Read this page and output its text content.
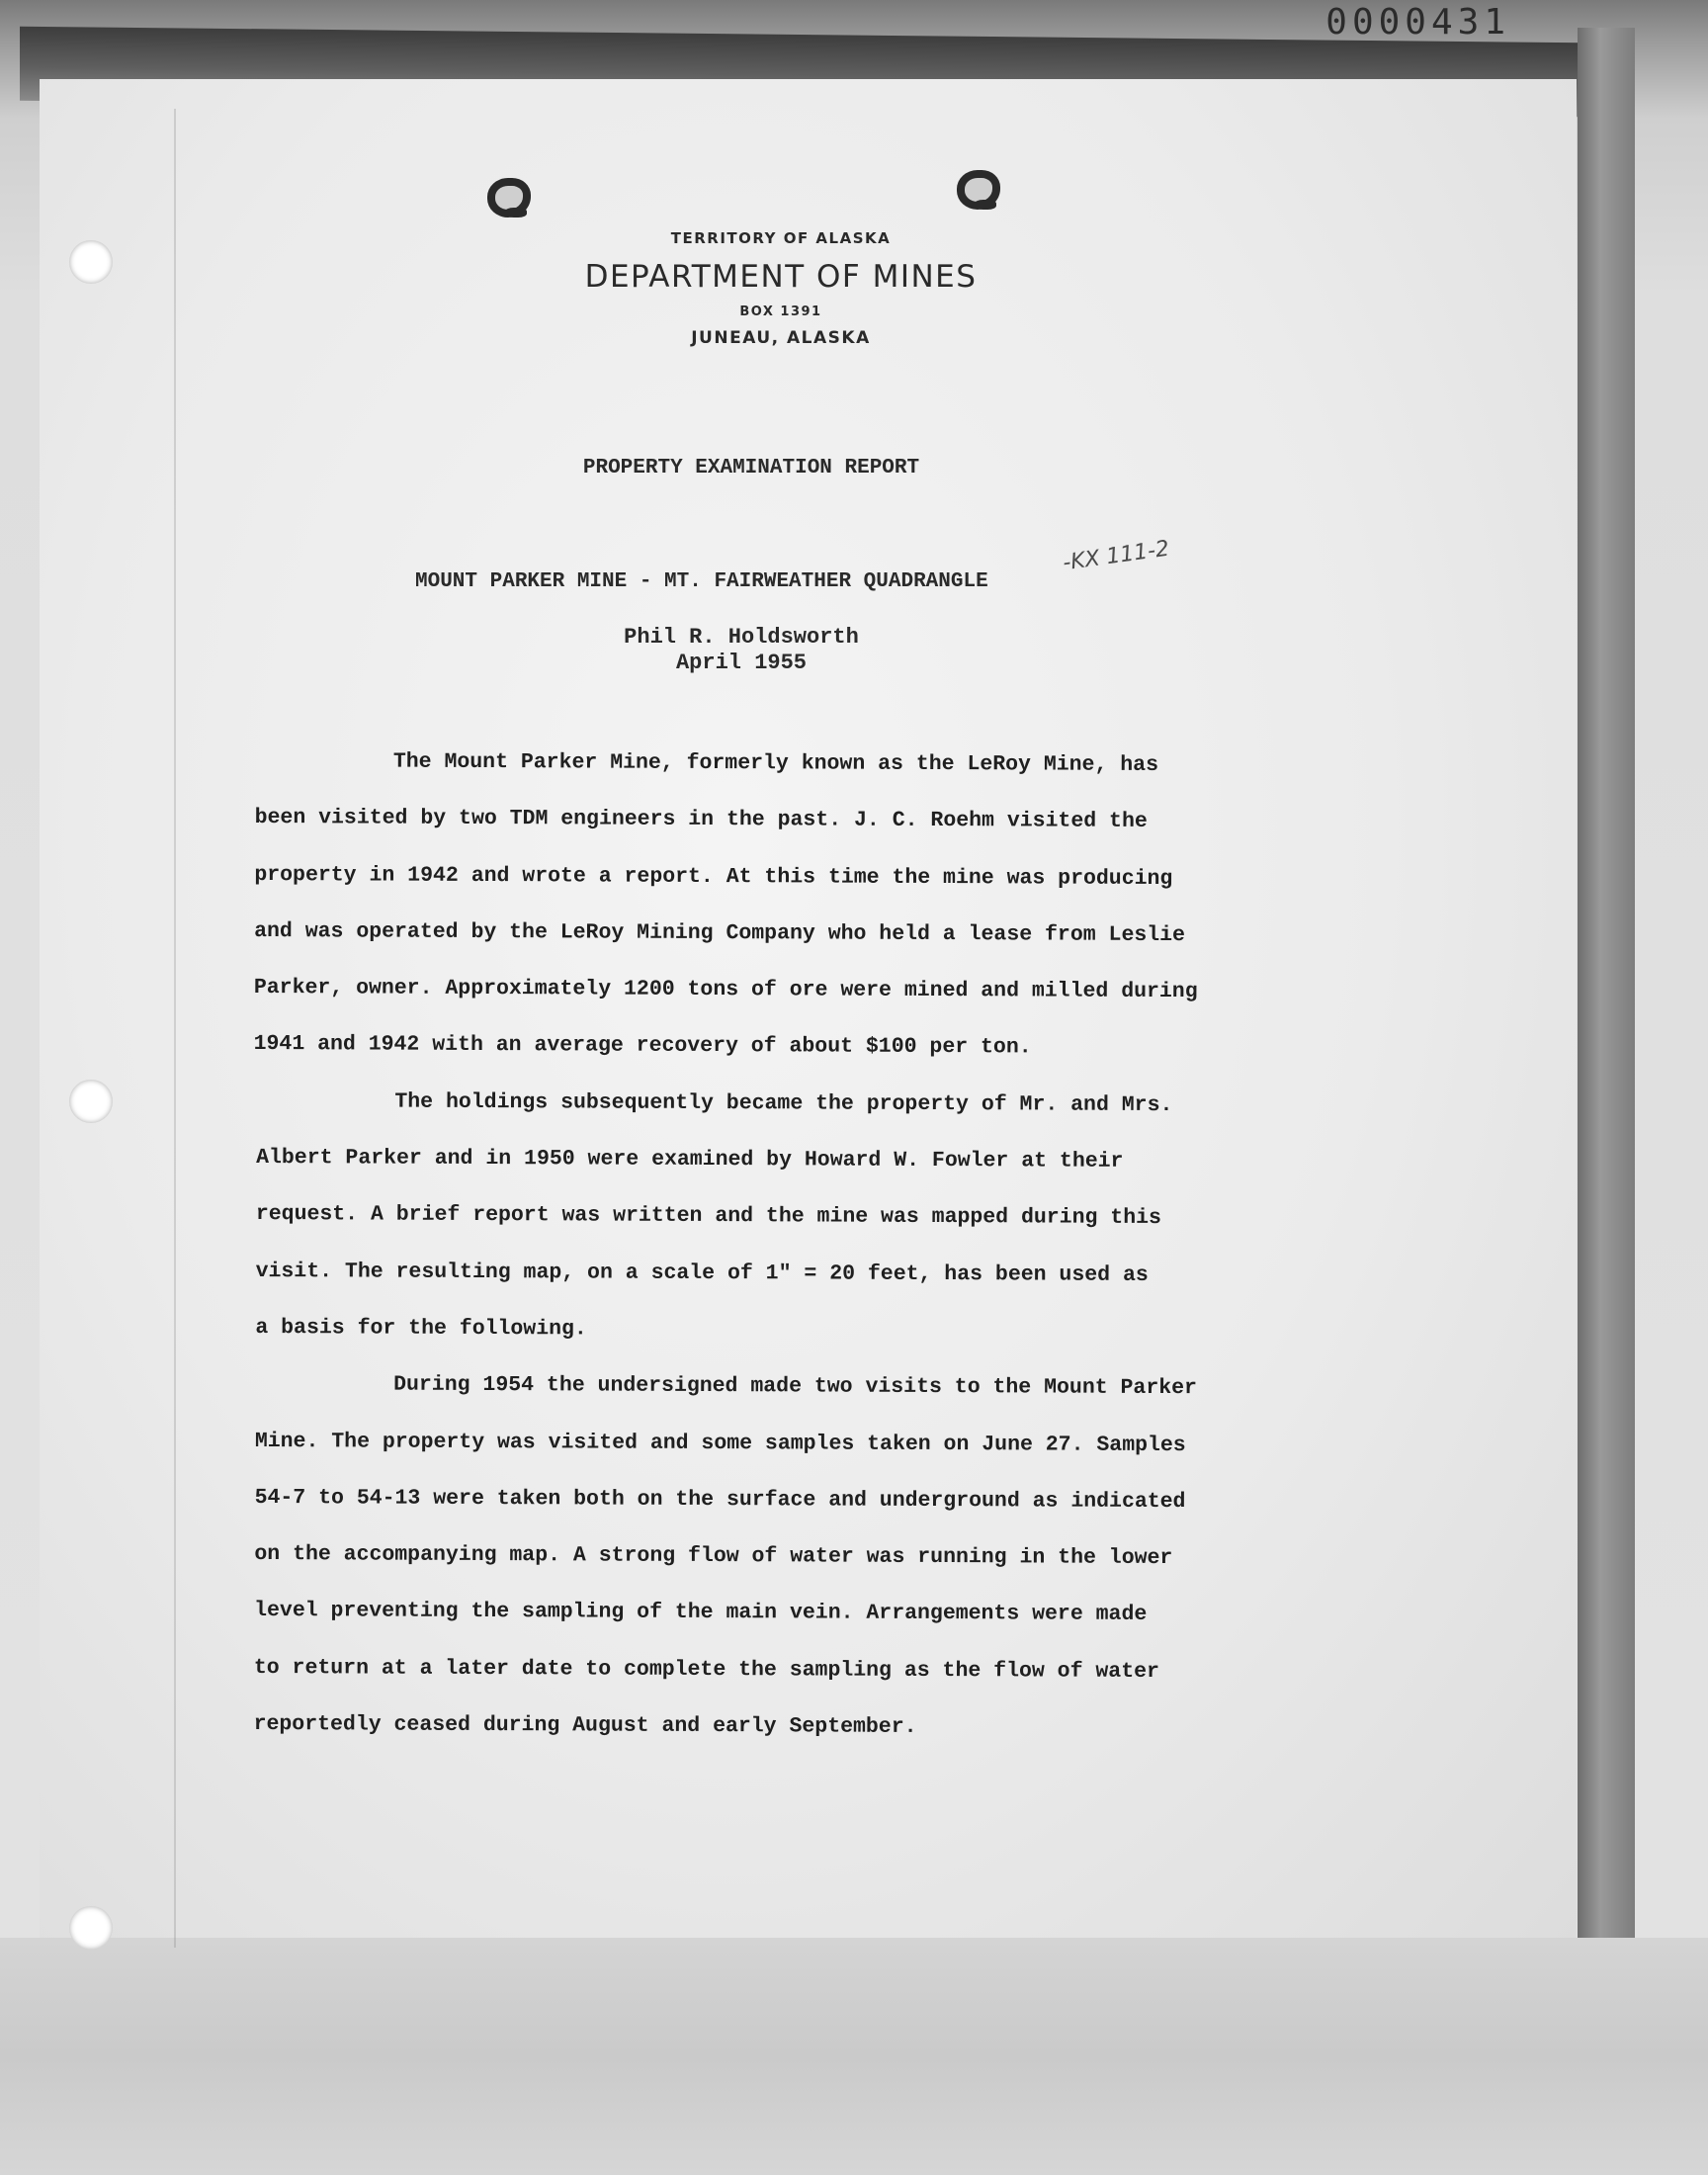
0000431
TERRITORY OF ALASKA
DEPARTMENT OF MINES
BOX 1391
JUNEAU, ALASKA
PROPERTY EXAMINATION REPORT
MOUNT PARKER MINE - MT. FAIRWEATHER QUADRANGLE
-KX 111-2
Phil R. Holdsworth
April 1955
The Mount Parker Mine, formerly known as the LeRoy Mine, has
been visited by two TDM engineers in the past. J. C. Roehm visited the
property in 1942 and wrote a report. At this time the mine was producing
and was operated by the LeRoy Mining Company who held a lease from Leslie
Parker, owner. Approximately 1200 tons of ore were mined and milled during
1941 and 1942 with an average recovery of about $100 per ton.
The holdings subsequently became the property of Mr. and Mrs.
Albert Parker and in 1950 were examined by Howard W. Fowler at their
request. A brief report was written and the mine was mapped during this
visit. The resulting map, on a scale of 1" = 20 feet, has been used as
a basis for the following.
During 1954 the undersigned made two visits to the Mount Parker
Mine. The property was visited and some samples taken on June 27. Samples
54-7 to 54-13 were taken both on the surface and underground as indicated
on the accompanying map. A strong flow of water was running in the lower
level preventing the sampling of the main vein. Arrangements were made
to return at a later date to complete the sampling as the flow of water
reportedly ceased during August and early September.
